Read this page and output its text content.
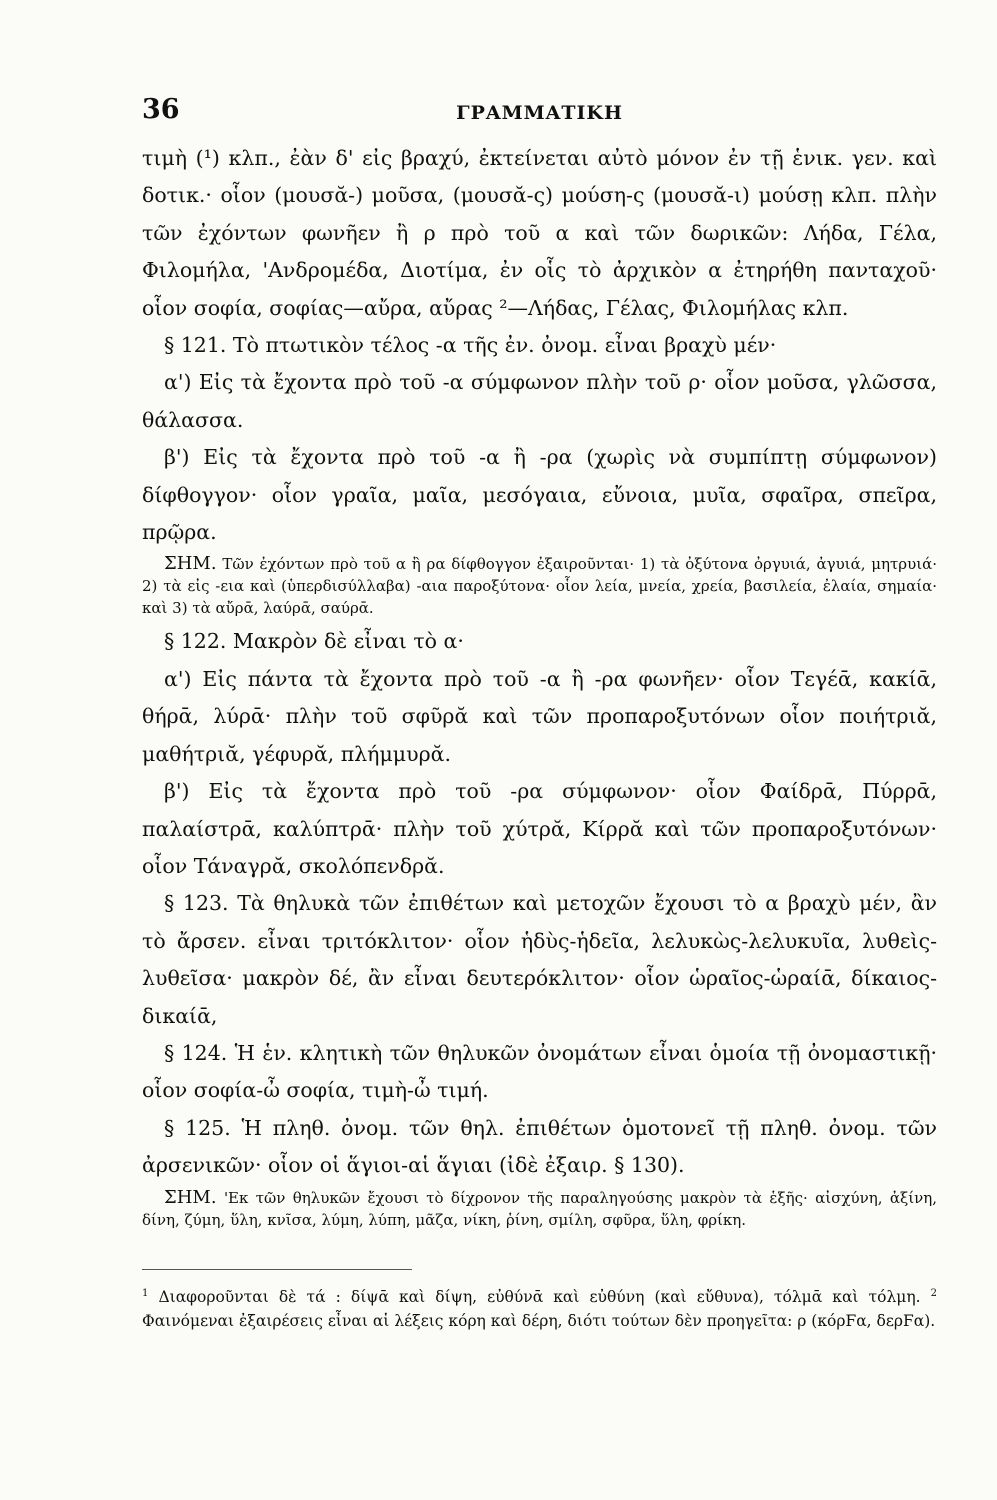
36	ΓΡΑΜΜΑΤΙΚΗ

τιμὴ (¹) κλπ., ἐὰν δ' εἰς βραχύ, ἐκτείνεται αὐτὸ μόνον ἐν τῇ ἑνικ. γεν. καὶ δοτικ.· οἷον (μουσᾰ-) μοῦσα, (μουσᾰ-ς) μούση-ς (μουσᾰ-ι) μούσῃ κλπ. πλὴν τῶν ἐχόντων φωνῆεν ἢ ρ πρὸ τοῦ α καὶ τῶν δωρικῶν: Λήδα, Γέλα, Φιλομήλα, 'Ανδρομέδα, Διοτίμα, ἐν οἷς τὸ ἀρχικὸν α ἐτηρήθη πανταχοῦ· οἷον σοφία, σοφίας—αὔρα, αὔρας ²—Λήδας, Γέλας, Φιλομήλας κλπ.

§ 121. Τὸ πτωτικὸν τέλος -α τῆς ἐν. ὀνομ. εἶναι βραχὺ μέν·

α') Εἰς τὰ ἔχοντα πρὸ τοῦ -α σύμφωνον πλὴν τοῦ ρ· οἷον μοῦσα, γλῶσσα, θάλασσα.

β') Εἰς τὰ ἔχοντα πρὸ τοῦ -α ἢ -ρα (χωρὶς νὰ συμπίπτῃ σύμφωνον) δίφθογγον· οἷον γραῖα, μαῖα, μεσόγαια, εὔνοια, μυῖα, σφαῖρα, σπεῖρα, πρῷρα.

ΣΗΜ. Τῶν ἐχόντων πρὸ τοῦ α ἢ ρα δίφθογγον ἐξαιροῦνται· 1) τὰ ὀξύτονα ὀργυιά, ἀγυιά, μητρυιά· 2) τὰ εἰς -εια καὶ (ὑπερδισύλλαβα) -αια παροξύτονα· οἷον λεία, μνεία, χρεία, βασιλεία, ἐλαία, σημαία· καὶ 3) τὰ αὔρᾱ, λαύρᾱ, σαύρᾱ.

§ 122. Μακρὸν δὲ εἶναι τὸ α·

α') Εἰς πάντα τὰ ἔχοντα πρὸ τοῦ -α ἢ -ρα φωνῆεν· οἷον Τεγέᾱ, κακίᾱ, θήρᾱ, λύρᾱ· πλὴν τοῦ σφῦρᾰ καὶ τῶν προπαροξυτόνων οἷον ποιήτριᾰ, μαθήτριᾰ, γέφυρᾰ, πλήμμυρᾰ.

β') Εἰς τὰ ἔχοντα πρὸ τοῦ -ρα σύμφωνον· οἷον Φαίδρᾱ, Πύρρᾱ, παλαίστρᾱ, καλύπτρᾱ· πλὴν τοῦ χύτρᾰ, Κίρρᾰ καὶ τῶν προπαροξυτόνων· οἷον Τάναγρᾰ, σκολόπενδρᾰ.

§ 123. Τὰ θηλυκὰ τῶν ἐπιθέτων καὶ μετοχῶν ἔχουσι τὸ α βραχὺ μέν, ἂν τὸ ἄρσεν. εἶναι τριτόκλιτον· οἷον ἡδὺς-ἡδεῖα, λελυκὼς-λελυκυῖα, λυθεὶς-λυθεῖσα· μακρὸν δέ, ἂν εἶναι δευτερόκλιτον· οἷον ὡραῖος-ὡραίᾱ, δίκαιος-δικαίᾱ,

§ 124. Ἡ ἑν. κλητικὴ τῶν θηλυκῶν ὀνομάτων εἶναι ὁμοία τῇ ὀνομαστικῇ· οἷον σοφία-ὦ σοφία, τιμὴ-ὦ τιμή.

§ 125. Ἡ πληθ. ὀνομ. τῶν θηλ. ἐπιθέτων ὁμοτονεῖ τῇ πληθ. ὀνομ. τῶν ἀρσενικῶν· οἷον οἱ ἅγιοι-αἱ ἅγιαι (ἰδὲ ἐξαιρ. § 130).

ΣΗΜ. 'Εκ τῶν θηλυκῶν ἔχουσι τὸ δίχρονον τῆς παραληγούσης μακρὸν τὰ ἑξῆς· αἰσχύνη, ἀξίνη, δίνη, ζύμη, ὕλη, κνῖσα, λύμη, λύπη, μᾶζα, νίκη, ῥίνη, σμίλη, σφῦρα, ὕλη, φρίκη.

$^1$ Διαφοροῦνται δὲ τά : δίψᾱ καὶ δίψη, εὐθύνᾱ καὶ εὐθύνη (καὶ εὔθυνα), τόλμᾱ καὶ τόλμη. $^2$ Φαινόμεναι ἐξαιρέσεις εἶναι αἱ λέξεις κόρη καὶ δέρη, διότι τούτων δὲν προηγεῖτα: ρ (κόρϜα, δερϜα).
